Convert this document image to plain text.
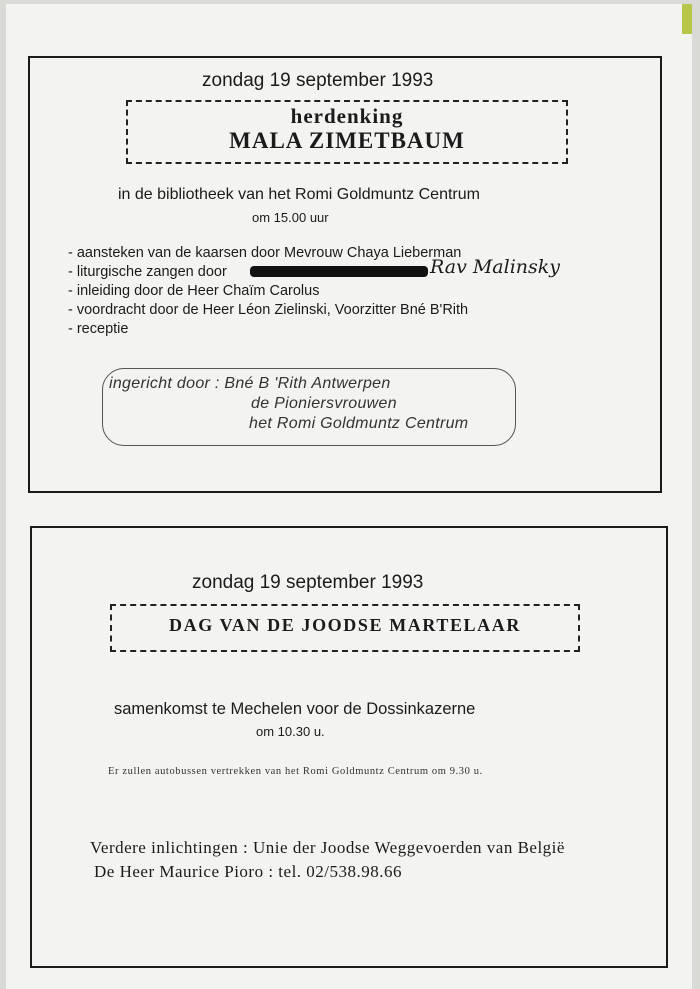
zondag 19 september 1993
herdenking
MALA ZIMETBAUM
in de bibliotheek van het Romi Goldmuntz Centrum
om 15.00 uur
- aansteken van de kaarsen door Mevrouw Chaya Lieberman
- liturgische zangen door	Rav Malinsky
- inleiding door de Heer Chaïm Carolus
- voordracht door de Heer Léon Zielinski, Voorzitter Bné B'Rith
- receptie
ingericht door : Bné B 'Rith Antwerpen
de Pioniersvrouwen
het Romi Goldmuntz Centrum
zondag 19 september 1993
DAG VAN DE JOODSE MARTELAAR
samenkomst te Mechelen voor de Dossinkazerne
om 10.30 u.
Er zullen autobussen vertrekken van het Romi Goldmuntz Centrum om 9.30 u.
Verdere inlichtingen : Unie der Joodse Weggevoerden van België
De Heer Maurice Pioro : tel. 02/538.98.66
